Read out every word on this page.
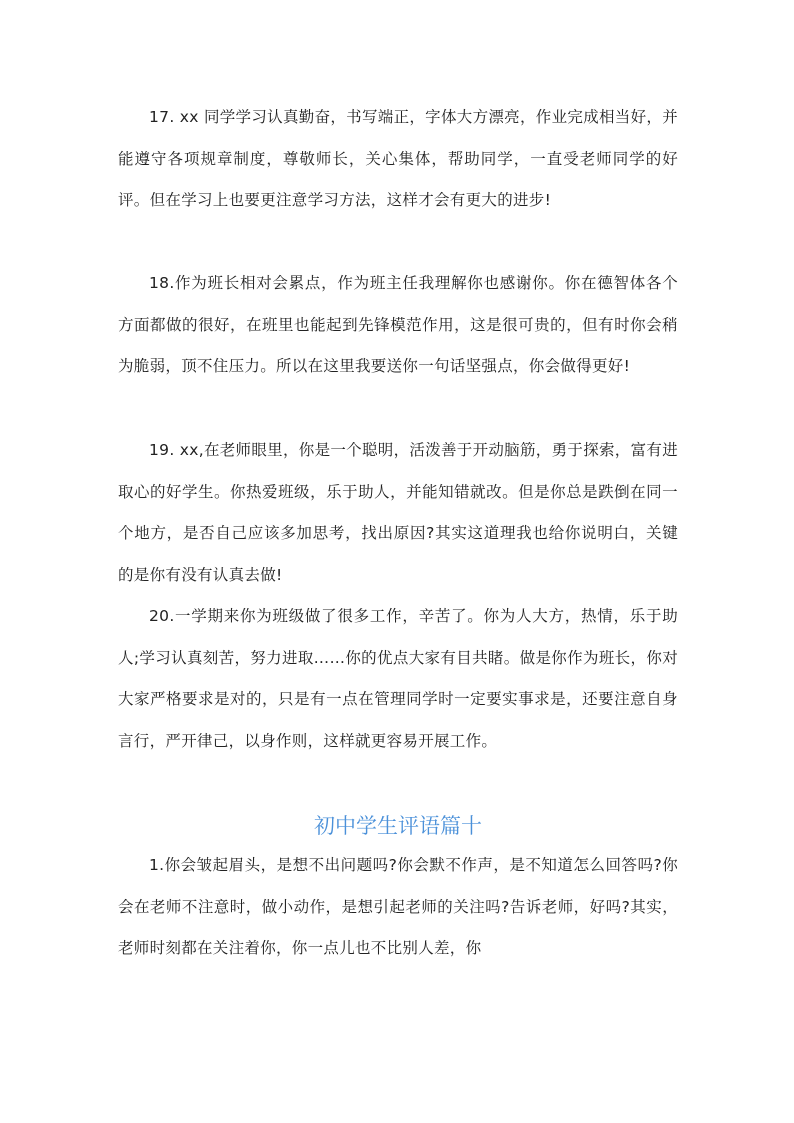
17. xx 同学学习认真勤奋，书写端正，字体大方漂亮，作业完成相当好，并能遵守各项规章制度，尊敬师长，关心集体，帮助同学，一直受老师同学的好评。但在学习上也要更注意学习方法，这样才会有更大的进步!

18.作为班长相对会累点，作为班主任我理解你也感谢你。你在德智体各个方面都做的很好，在班里也能起到先锋模范作用，这是很可贵的，但有时你会稍为脆弱，顶不住压力。所以在这里我要送你一句话坚强点，你会做得更好!

19. xx,在老师眼里，你是一个聪明，活泼善于开动脑筋，勇于探索，富有进取心的好学生。你热爱班级，乐于助人，并能知错就改。但是你总是跌倒在同一个地方，是否自己应该多加思考，找出原因?其实这道理我也给你说明白，关键的是你有没有认真去做!

20.一学期来你为班级做了很多工作，辛苦了。你为人大方，热情，乐于助人;学习认真刻苦，努力进取……你的优点大家有目共睹。做是你作为班长，你对大家严格要求是对的，只是有一点在管理同学时一定要实事求是，还要注意自身言行，严开律己，以身作则，这样就更容易开展工作。

初中学生评语篇十

1.你会皱起眉头，是想不出问题吗?你会默不作声，是不知道怎么回答吗?你会在老师不注意时，做小动作，是想引起老师的关注吗?告诉老师，好吗?其实，老师时刻都在关注着你，你一点儿也不比别人差，你
